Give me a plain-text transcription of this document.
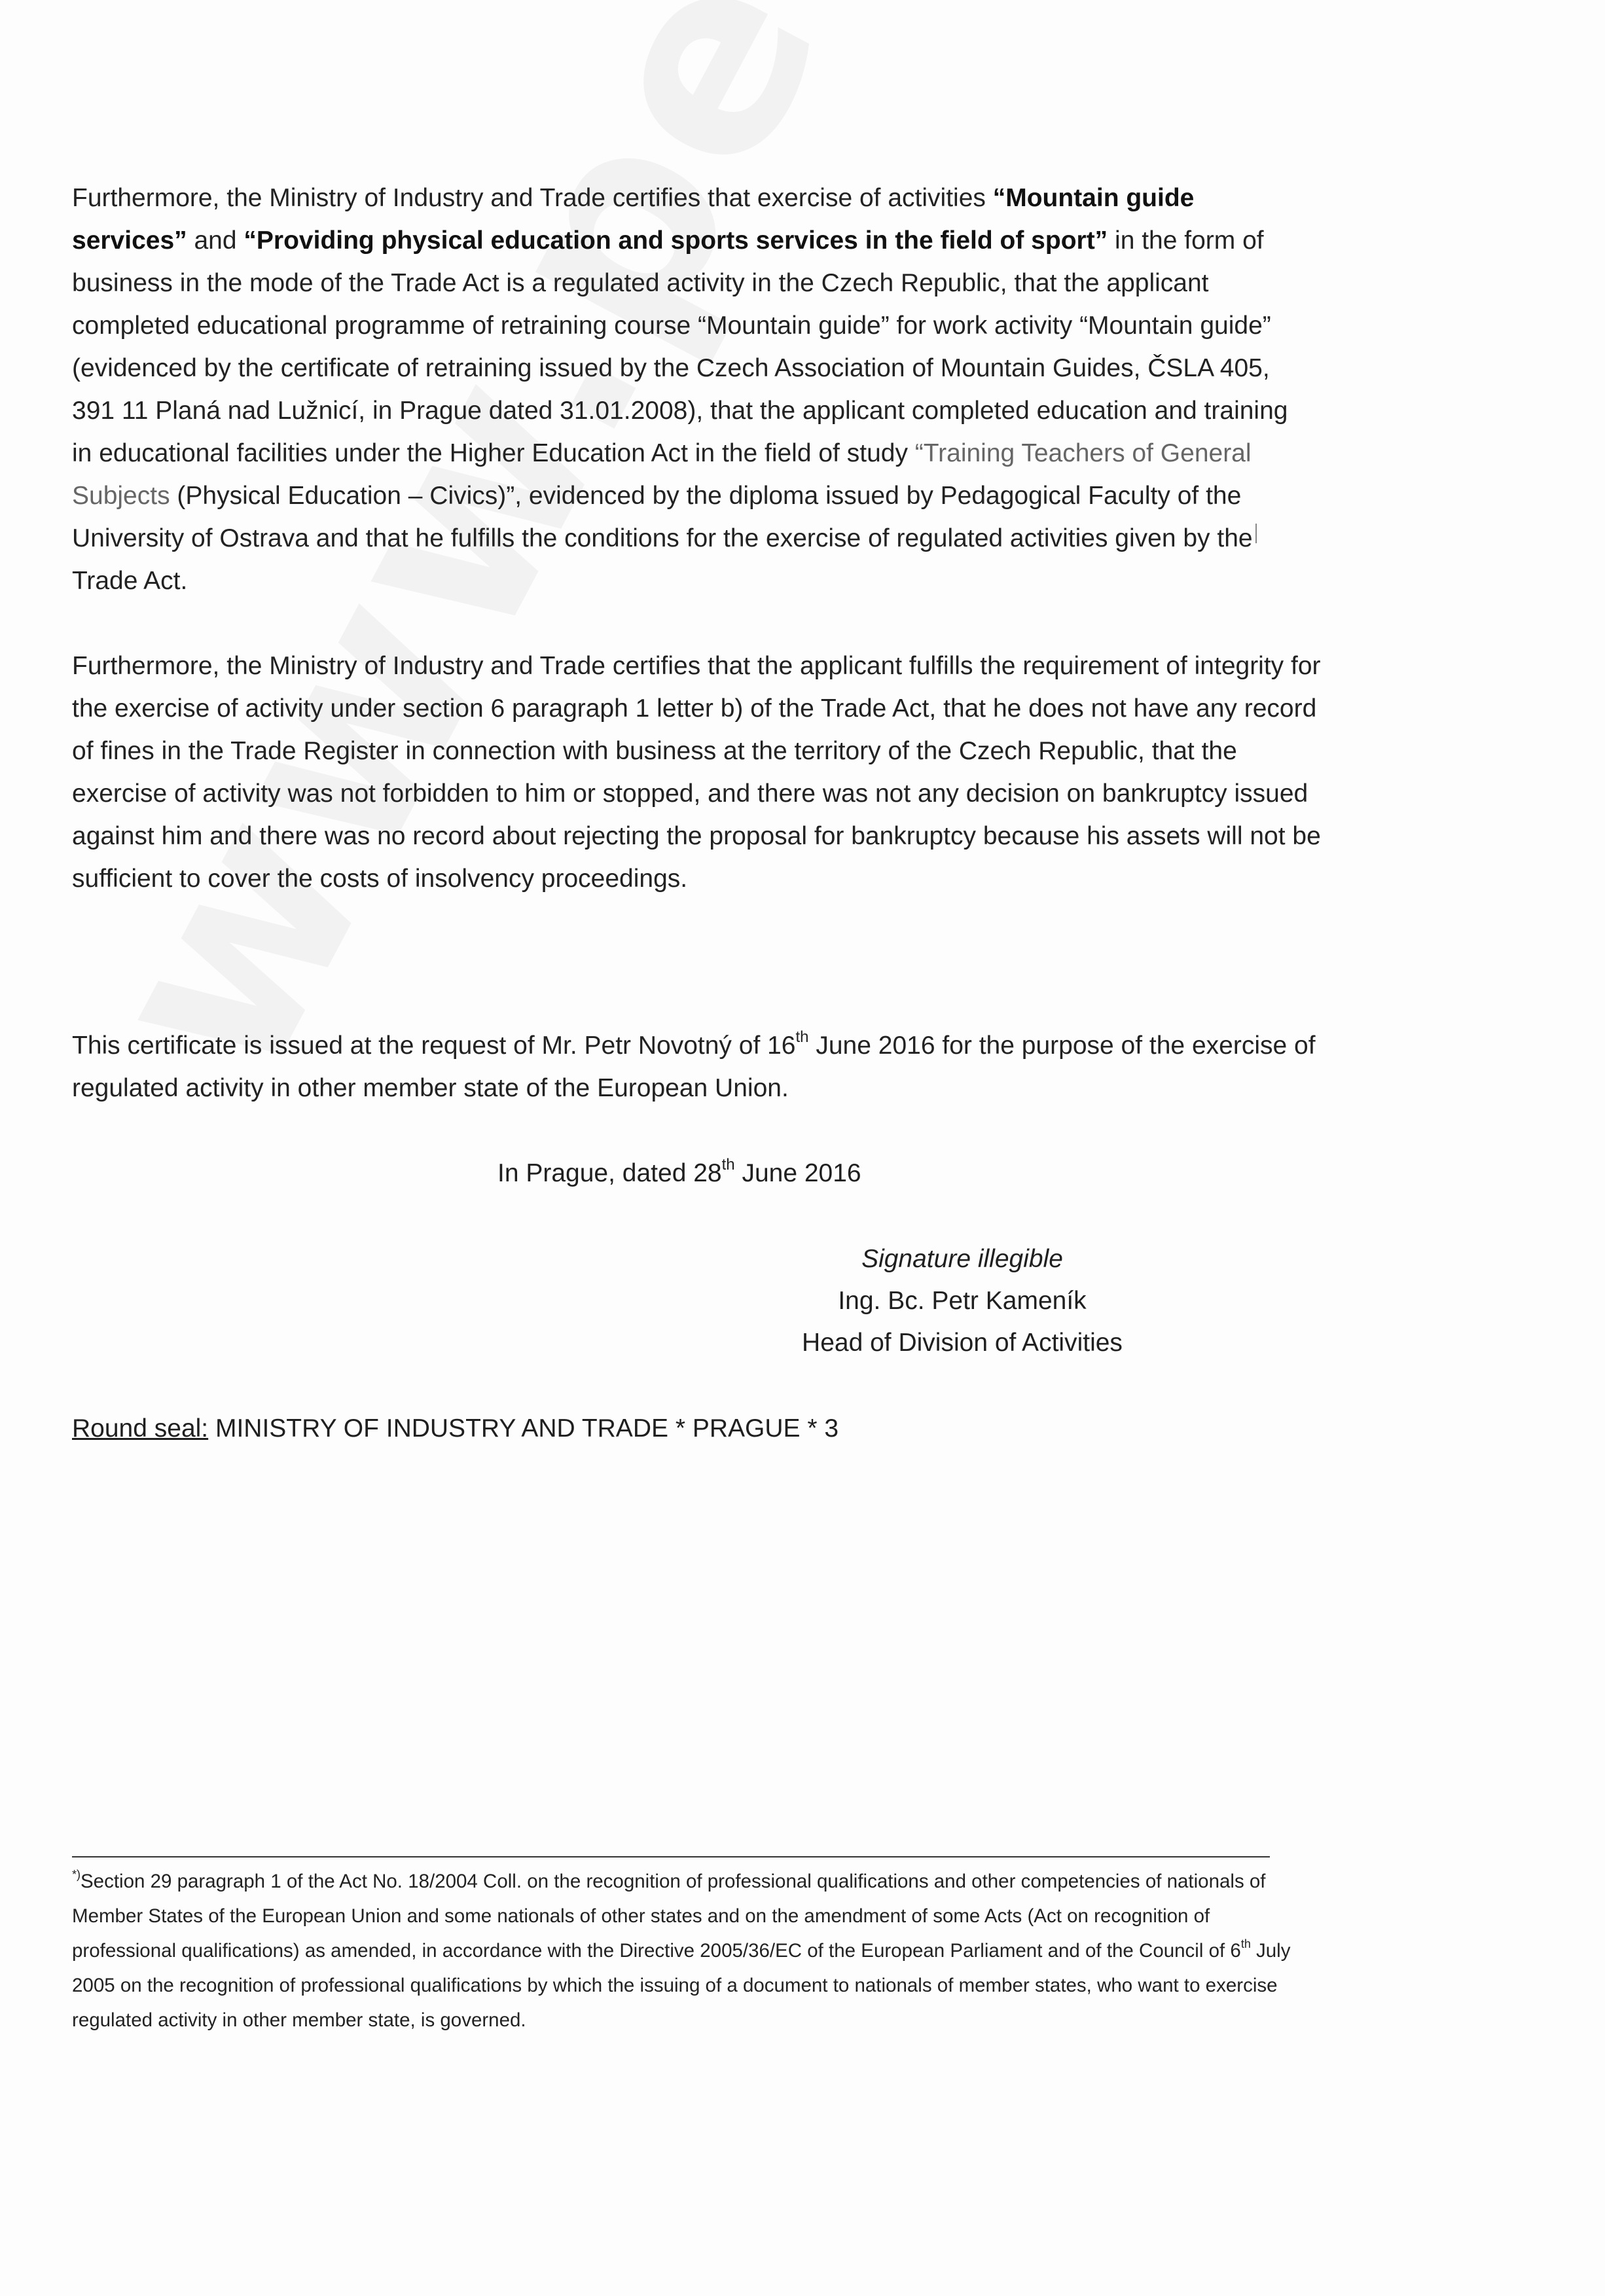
Furthermore, the Ministry of Industry and Trade certifies that exercise of activities “Mountain guide services” and “Providing physical education and sports services in the field of sport” in the form of business in the mode of the Trade Act is a regulated activity in the Czech Republic, that the applicant completed educational programme of retraining course “Mountain guide” for work activity “Mountain guide” (evidenced by the certificate of retraining issued by the Czech Association of Mountain Guides, ČSLA 405, 391 11 Planá nad Lužnicí, in Prague dated 31.01.2008), that the applicant completed education and training in educational facilities under the Higher Education Act in the field of study “Training Teachers of General Subjects (Physical Education – Civics)”, evidenced by the diploma issued by Pedagogical Faculty of the University of Ostrava and that he fulfills the conditions for the exercise of regulated activities given by the Trade Act.
Furthermore, the Ministry of Industry and Trade certifies that the applicant fulfills the requirement of integrity for the exercise of activity under section 6 paragraph 1 letter b) of the Trade Act, that he does not have any record of fines in the Trade Register in connection with business at the territory of the Czech Republic, that the exercise of activity was not forbidden to him or stopped, and there was not any decision on bankruptcy issued against him and there was no record about rejecting the proposal for bankruptcy because his assets will not be sufficient to cover the costs of insolvency proceedings.
This certificate is issued at the request of Mr. Petr Novotný of 16th June 2016 for the purpose of the exercise of regulated activity in other member state of the European Union.
In Prague, dated 28th June 2016
Signature illegible
Ing. Bc. Petr Kameník
Head of Division of Activities
Round seal: MINISTRY OF INDUSTRY AND TRADE * PRAGUE * 3
*)Section 29 paragraph 1 of the Act No. 18/2004 Coll. on the recognition of professional qualifications and other competencies of nationals of Member States of the European Union and some nationals of other states and on the amendment of some Acts (Act on recognition of professional qualifications) as amended, in accordance with the Directive 2005/36/EC of the European Parliament and of the Council of 6th July 2005 on the recognition of professional qualifications by which the issuing of a document to nationals of member states, who want to exercise regulated activity in other member state, is governed.
